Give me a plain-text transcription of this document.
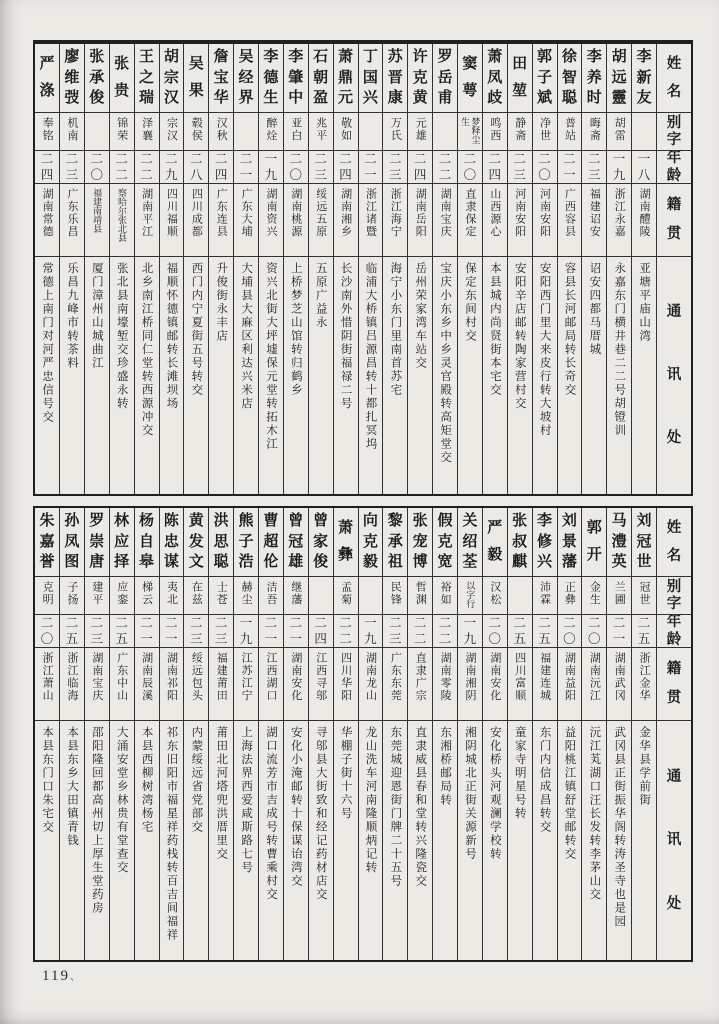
姓
名
别
字
年
龄
籍
贯
通
讯
处
李
新
友
一
八
湖南醴陵
亚塘平庙山湾
胡
远
靈
胡雷
一
九
浙江永嘉
永嘉东门横井巷二二号胡镫训
李
养
时
晦斋
二
三
福建诏安
诏安四都马厝城
徐
智
聪
普站
二
一
广西容县
容县长河邮局转长奇交
郭
子
斌
净世
二
〇
河南安阳
安阳西门里大来皮行转大坡村
田
堃
静斋
二
三
河南安阳
安阳辛店邮转陶家营村交
萧
凤
歧
鸣西
二
四
山西源心
本县城内尚贤街本宅交
窦
萼
梦释尘生
二
〇
直隶保定
保定东间村交
罗
岳
甫
二
二
湖南宝庆
宝庆小东乡中乡灵官殿转高矩堂交
许
克
黄
元雄
二
四
湖南岳阳
岳州荣家湾车站交
苏
晋
康
万氏
二
三
浙江海宁
海宁小东门里南首苏宅
丁
国
兴
二
一
浙江诸暨
临浦大桥镇吕源昌转十都扎冥坞
萧
鼎
元
敬如
二
四
湖南湘乡
长沙南外惜阴街福禄二号
石
朝
盈
兆平
二
三
绥远五原
五原广益永
李
肇
中
亚白
二
〇
湖南桃源
上桥梦芝山馆转归鹤乡
李
德
生
醉烇
一
九
湖南资兴
资兴北街大坪墟保元堂转拓木江
吴
经
界
二
一
广东大埔
大埔县大麻区利达兴米店
詹
宝
华
汉秋
二
四
广东连县
升俊街永丰店
吴
果
毂侯
二
八
四川成都
西门内宁夏街五号转交
胡
宗
汉
宗汉
二
九
四川福顺
福顺怀德镇邮转长滩坝场
王
之
瑞
泽襄
二
二
湖南平江
北乡南江桥同仁堂转西源冲交
张
贵
锦荣
二
二
察哈尔张北县
张北县南壕堑交珍盛永转
张
承
俊
二
〇
福建南靖县
厦门漳州山城曲江
廖
维
弢
机南
二
三
广东乐昌
乐昌九峰市转茶料
严
涤
奉铭
二
四
湖南常德
常德上南门对河严忠信号交
姓
名
别
字
年
龄
籍
贯
通
讯
处
刘
冠
世
冠世
二
五
浙江金华
金华县学前街
马
澧
英
兰圃
二
一
湖南武冈
武冈县正街振华阁转涛圣寺也是园
郭
开
金生
二
〇
湖南沅江
沅江芄湖口汪长发转李茅山交
刘
景
藩
正彝
二
〇
湖南益阳
益阳桃江镇舒堂邮转交
李
修
兴
沛霖
二
五
福建连城
东门内信成昌转交
张
叔
麒
二
五
四川富顺
童家寺明星号转
严
毅
汉松
二
〇
湖南安化
安化桥头河观澜学校转
关
绍
荃
以字行
一
九
湖南湘阴
湘阴城北正街关源新号
假
克
宽
裕如
二
二
湖南零陵
东湘桥邮局转
张
宠
博
哲渊
二
二
直隶广宗
直隶威县春和堂转兴隆瓷交
黎
承
祖
民锋
二
三
广东东莞
东莞城迎恩街门牌二十五号
向
克
毅
一
九
湖南龙山
龙山洗车河南隆顺炳记转
萧
彝
孟菊
二
二
四川华阳
华棚子街十六号
曾
家
俊
二
四
江西寻邬
寻邬县大街致和经记药材店交
曾
冠
雄
继藩
二
一
湖南安化
安化小淹邮转十保谋诒湾交
曹
超
伦
洁吾
二
一
江西湖口
湖口流芳市吉成号转曹乘村交
熊
子
浩
赫尘
一
九
江苏江宁
上海法界西爱咸斯路七号
洪
思
聪
士苍
二
三
福建莆田
莆田北河塔兜洪厝里交
黄
发
文
在兹
二
三
绥远包头
内蒙绥远省党部交
陈
忠
谋
夷北
二
一
湖南祁阳
祁东旧阳市福星祥药栈转百吉间福祥
杨
自
皋
梯云
二
一
湖南辰溪
本县西柳树湾杨宅
林
应
择
应銮
二
五
广东中山
大涌安堂乡林贵有堂查交
罗
崇
唐
建平
二
三
湖南宝庆
邵阳隆回都高州切上厚生堂药房
孙
凤
图
子扬
二
五
浙江临海
本县东乡大田镇青钱
朱
嘉
誉
克明
二
〇
浙江萧山
本县东门口朱宅交
119、
